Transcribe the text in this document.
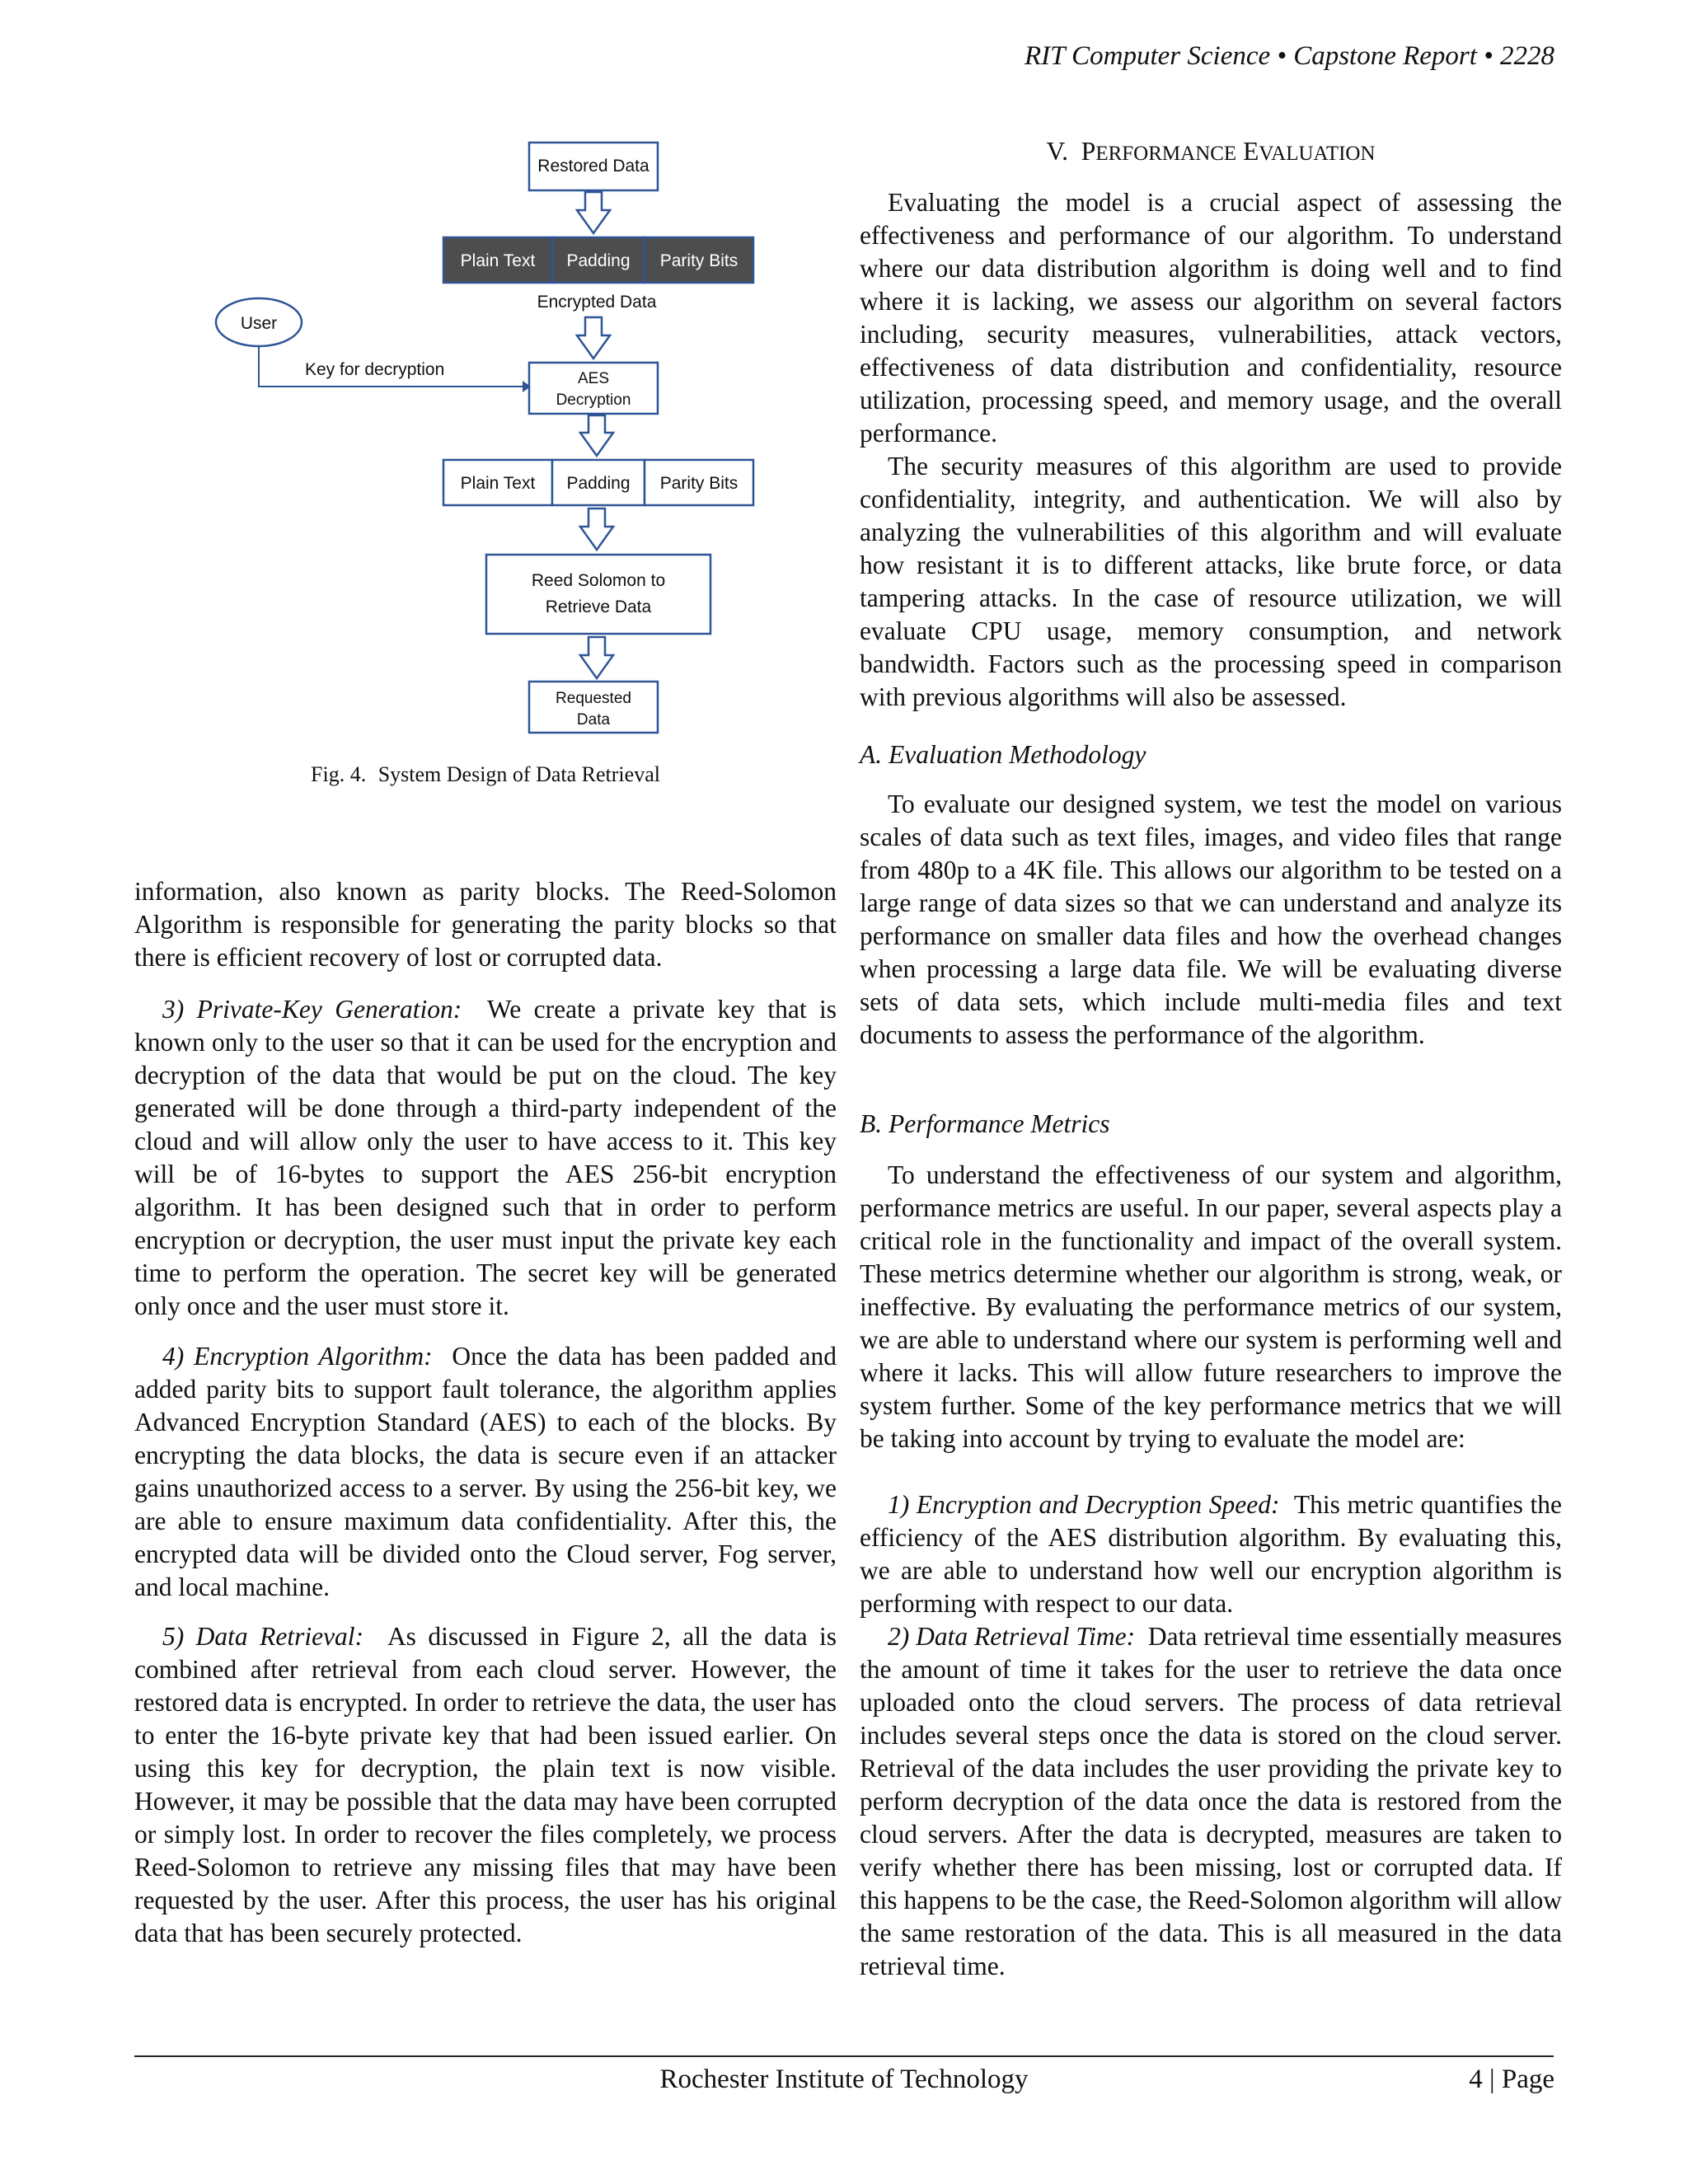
RIT Computer Science • Capstone Report • 2228
Restored Data
Plain Text Padding Parity Bits
Encrypted Data
User
Key for decryption	AES
Decryption
Plain Text Padding Parity Bits
Reed Solomon to
Retrieve Data
Requested
Data
Fig. 4. System Design of Data Retrieval

information, also known as parity blocks. The Reed-Solomon Algorithm is responsible for generating the parity blocks so that there is efficient recovery of lost or corrupted data.

3) Private-Key Generation: We create a private key that is known only to the user so that it can be used for the encryption and decryption of the data that would be put on the cloud. The key generated will be done through a third-party independent of the cloud and will allow only the user to have access to it. This key will be of 16-bytes to support the AES 256-bit encryption algorithm. It has been designed such that in order to perform encryption or decryption, the user must input the private key each time to perform the operation. The secret key will be generated only once and the user must store it.

4) Encryption Algorithm: Once the data has been padded and added parity bits to support fault tolerance, the algorithm applies Advanced Encryption Standard (AES) to each of the blocks. By encrypting the data blocks, the data is secure even if an attacker gains unauthorized access to a server. By using the 256-bit key, we are able to ensure maximum data confidentiality. After this, the encrypted data will be divided onto the Cloud server, Fog server, and local machine.

5) Data Retrieval: As discussed in Figure 2, all the data is combined after retrieval from each cloud server. However, the restored data is encrypted. In order to retrieve the data, the user has to enter the 16-byte private key that had been issued earlier. On using this key for decryption, the plain text is now visible. However, it may be possible that the data may have been corrupted or simply lost. In order to recover the files completely, we process Reed-Solomon to retrieve any missing files that may have been requested by the user. After this process, the user has his original data that has been securely protected.

V. PERFORMANCE EVALUATION

Evaluating the model is a crucial aspect of assessing the effectiveness and performance of our algorithm. To understand where our data distribution algorithm is doing well and to find where it is lacking, we assess our algorithm on several factors including, security measures, vulnerabilities, attack vectors, effectiveness of data distribution and confidentiality, resource utilization, processing speed, and memory usage, and the overall performance.

The security measures of this algorithm are used to provide confidentiality, integrity, and authentication. We will also by analyzing the vulnerabilities of this algorithm and will evaluate how resistant it is to different attacks, like brute force, or data tampering attacks. In the case of resource utilization, we will evaluate CPU usage, memory consumption, and network bandwidth. Factors such as the processing speed in comparison with previous algorithms will also be assessed.

A. Evaluation Methodology

To evaluate our designed system, we test the model on various scales of data such as text files, images, and video files that range from 480p to a 4K file. This allows our algorithm to be tested on a large range of data sizes so that we can understand and analyze its performance on smaller data files and how the overhead changes when processing a large data file. We will be evaluating diverse sets of data sets, which include multi-media files and text documents to assess the performance of the algorithm.

B. Performance Metrics

To understand the effectiveness of our system and algorithm, performance metrics are useful. In our paper, several aspects play a critical role in the functionality and impact of the overall system. These metrics determine whether our algorithm is strong, weak, or ineffective. By evaluating the performance metrics of our system, we are able to understand where our system is performing well and where it lacks. This will allow future researchers to improve the system further. Some of the key performance metrics that we will be taking into account by trying to evaluate the model are:

1) Encryption and Decryption Speed: This metric quantifies the efficiency of the AES distribution algorithm. By evaluating this, we are able to understand how well our encryption algorithm is performing with respect to our data.

2) Data Retrieval Time: Data retrieval time essentially measures the amount of time it takes for the user to retrieve the data once uploaded onto the cloud servers. The process of data retrieval includes several steps once the data is stored on the cloud server. Retrieval of the data includes the user providing the private key to perform decryption of the data once the data is restored from the cloud servers. After the data is decrypted, measures are taken to verify whether there has been missing, lost or corrupted data. If this happens to be the case, the Reed-Solomon algorithm will allow the same restoration of the data. This is all measured in the data retrieval time.

Rochester Institute of Technology	4 | Page
